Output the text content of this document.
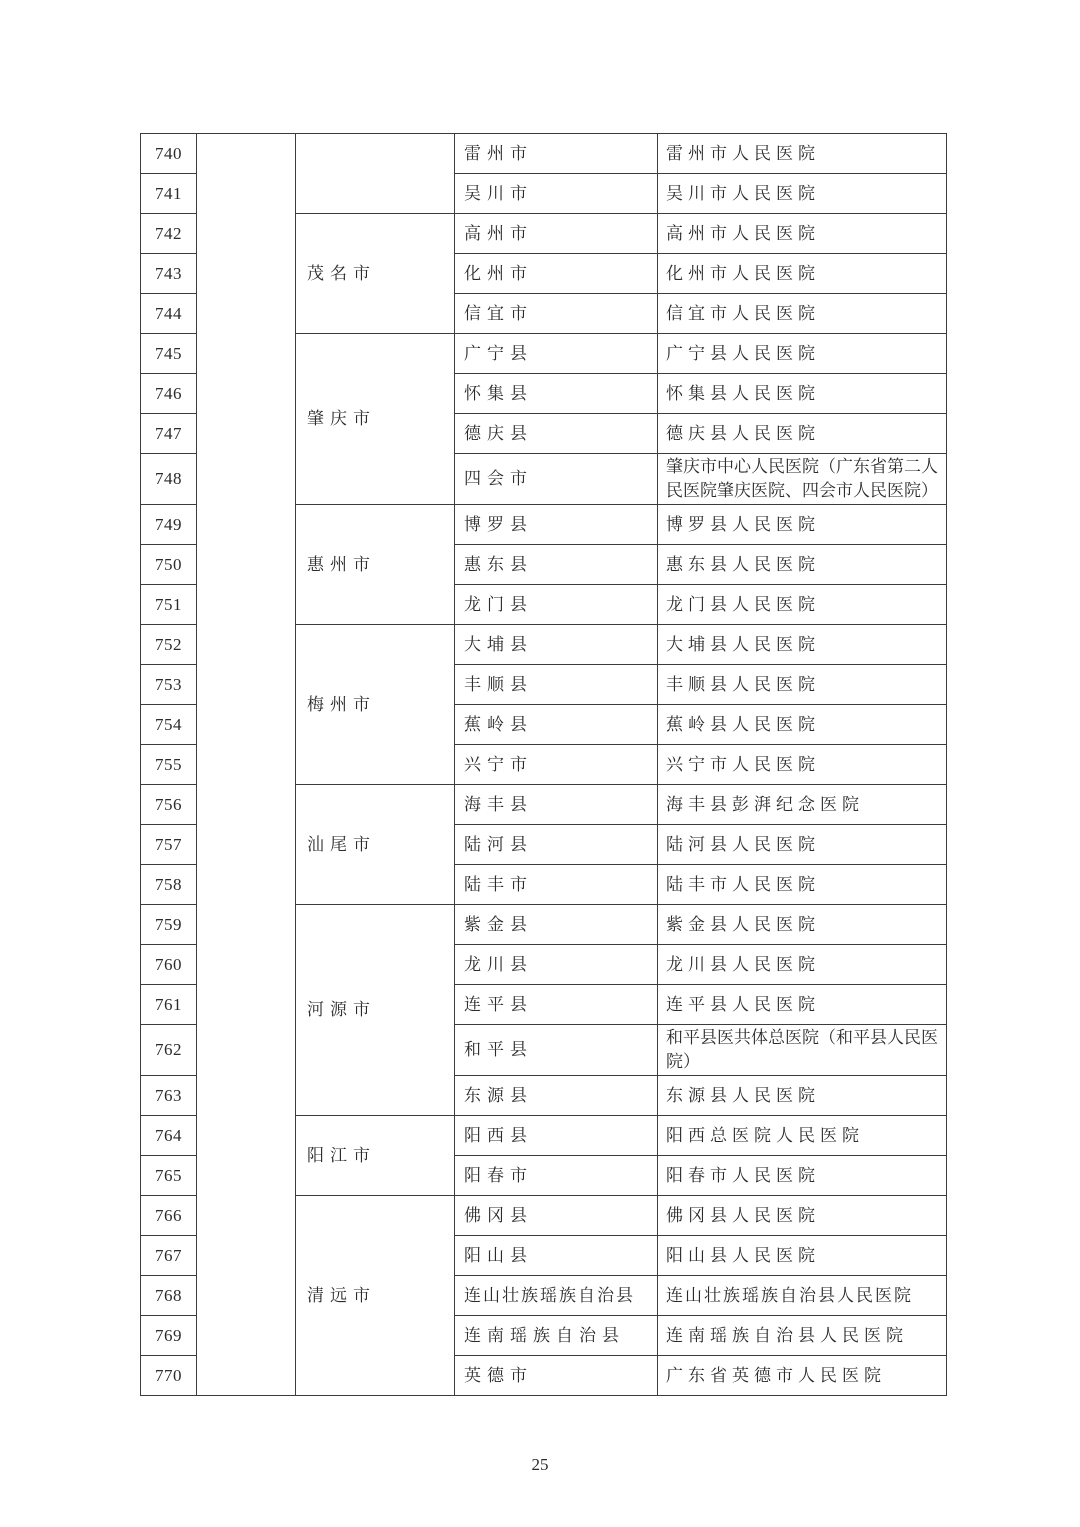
740			雷州市	雷州市人民医院
741			吴川市	吴川市人民医院
742		茂名市	高州市	高州市人民医院
743			化州市	化州市人民医院
744			信宜市	信宜市人民医院
745		肇庆市	广宁县	广宁县人民医院
746			怀集县	怀集县人民医院
747			德庆县	德庆县人民医院
748			四会市	肇庆市中心人民医院（广东省第二人民医院肇庆医院、四会市人民医院）
749		惠州市	博罗县	博罗县人民医院
750			惠东县	惠东县人民医院
751			龙门县	龙门县人民医院
752		梅州市	大埔县	大埔县人民医院
753			丰顺县	丰顺县人民医院
754			蕉岭县	蕉岭县人民医院
755			兴宁市	兴宁市人民医院
756		汕尾市	海丰县	海丰县彭湃纪念医院
757			陆河县	陆河县人民医院
758			陆丰市	陆丰市人民医院
759		河源市	紫金县	紫金县人民医院
760			龙川县	龙川县人民医院
761			连平县	连平县人民医院
762			和平县	和平县医共体总医院（和平县人民医院）
763			东源县	东源县人民医院
764		阳江市	阳西县	阳西总医院人民医院
765			阳春市	阳春市人民医院
766		清远市	佛冈县	佛冈县人民医院
767			阳山县	阳山县人民医院
768			连山壮族瑶族自治县	连山壮族瑶族自治县人民医院
769			连南瑶族自治县	连南瑶族自治县人民医院
770			英德市	广东省英德市人民医院
25
